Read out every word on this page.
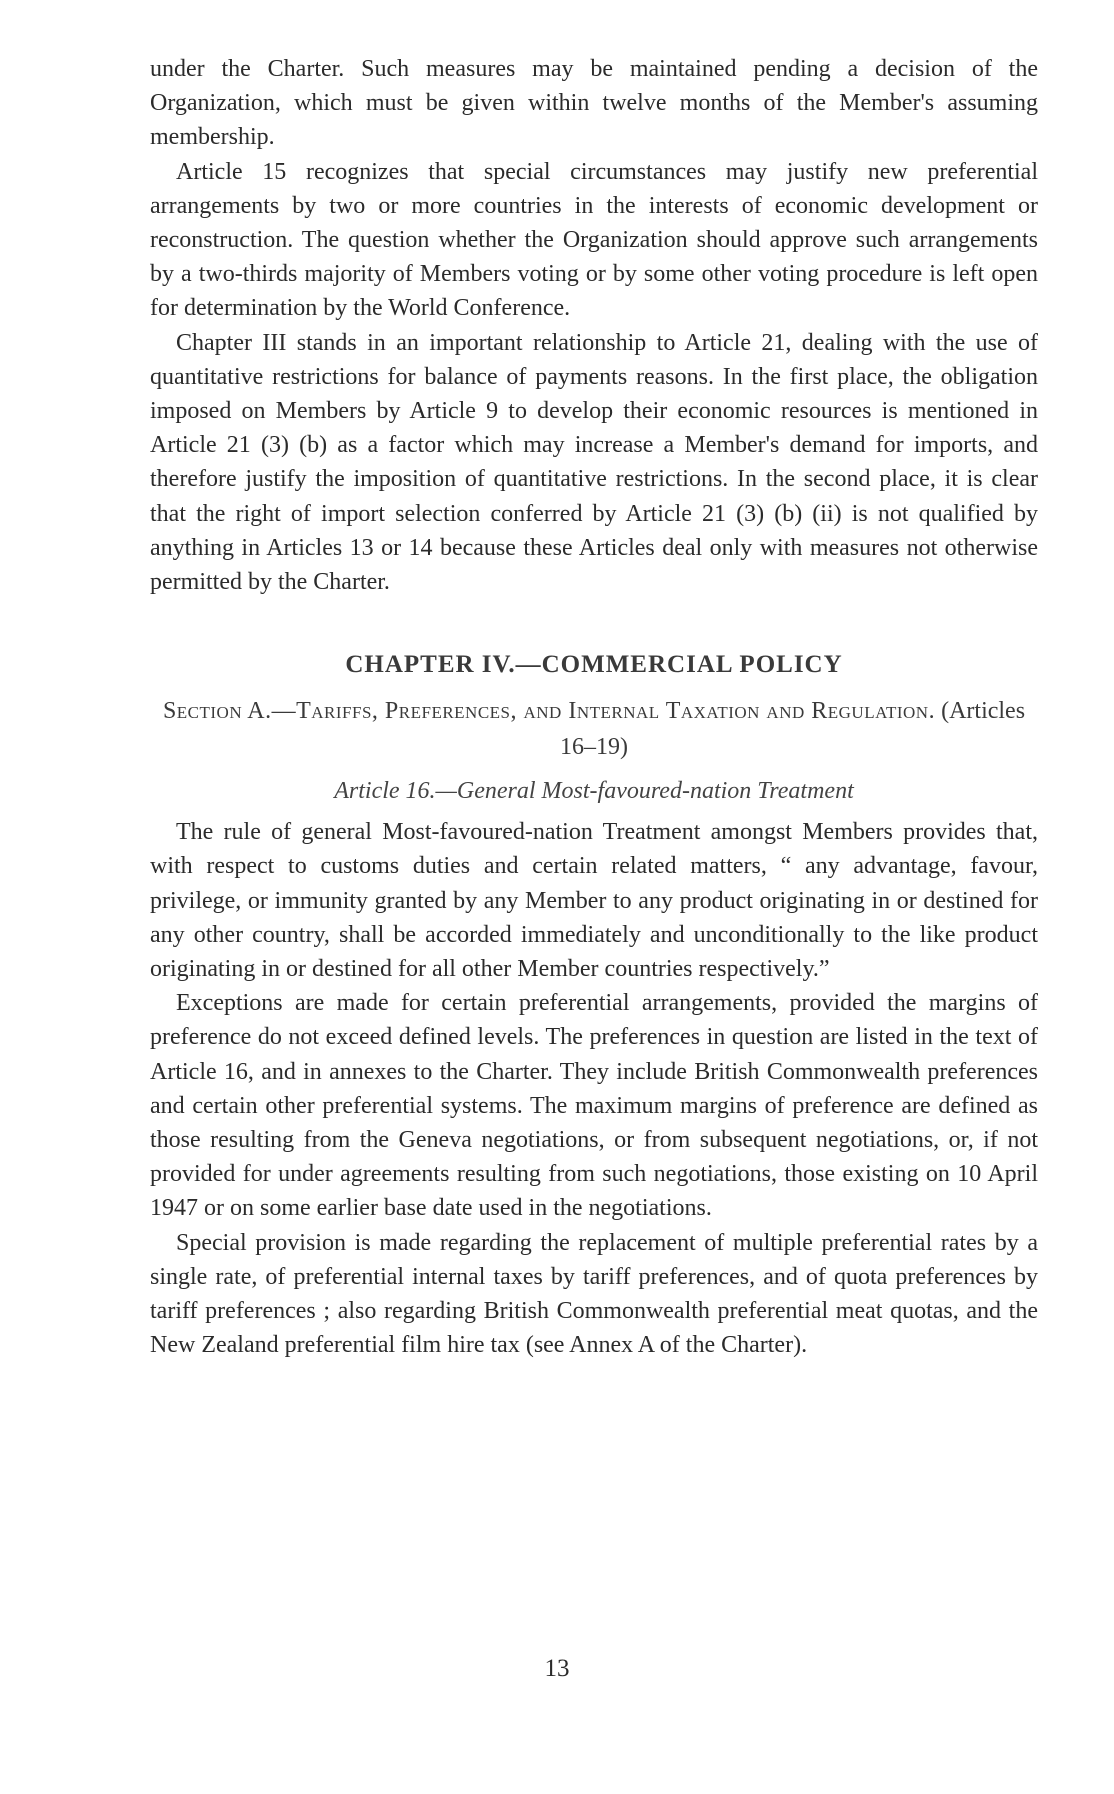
under the Charter. Such measures may be maintained pending a decision of the Organization, which must be given within twelve months of the Member's assuming membership.

Article 15 recognizes that special circumstances may justify new preferential arrangements by two or more countries in the interests of economic development or reconstruction. The question whether the Organization should approve such arrangements by a two-thirds majority of Members voting or by some other voting procedure is left open for determination by the World Conference.

Chapter III stands in an important relationship to Article 21, dealing with the use of quantitative restrictions for balance of payments reasons. In the first place, the obligation imposed on Members by Article 9 to develop their economic resources is mentioned in Article 21 (3) (b) as a factor which may increase a Member's demand for imports, and therefore justify the imposition of quantitative restrictions. In the second place, it is clear that the right of import selection conferred by Article 21 (3) (b) (ii) is not qualified by anything in Articles 13 or 14 because these Articles deal only with measures not otherwise permitted by the Charter.

CHAPTER IV.—COMMERCIAL POLICY
Section A.—Tariffs, Preferences, and Internal Taxation and Regulation. (Articles 16–19)
Article 16.—General Most-favoured-nation Treatment

The rule of general Most-favoured-nation Treatment amongst Members provides that, with respect to customs duties and certain related matters, “ any advantage, favour, privilege, or immunity granted by any Member to any product originating in or destined for any other country, shall be accorded immediately and unconditionally to the like product originating in or destined for all other Member countries respectively.”

Exceptions are made for certain preferential arrangements, provided the margins of preference do not exceed defined levels. The preferences in question are listed in the text of Article 16, and in annexes to the Charter. They include British Commonwealth preferences and certain other preferential systems. The maximum margins of preference are defined as those resulting from the Geneva negotiations, or from subsequent negotiations, or, if not provided for under agreements resulting from such negotiations, those existing on 10 April 1947 or on some earlier base date used in the negotiations.

Special provision is made regarding the replacement of multiple preferential rates by a single rate, of preferential internal taxes by tariff preferences, and of quota preferences by tariff preferences ; also regarding British Commonwealth preferential meat quotas, and the New Zealand preferential film hire tax (see Annex A of the Charter).

13
